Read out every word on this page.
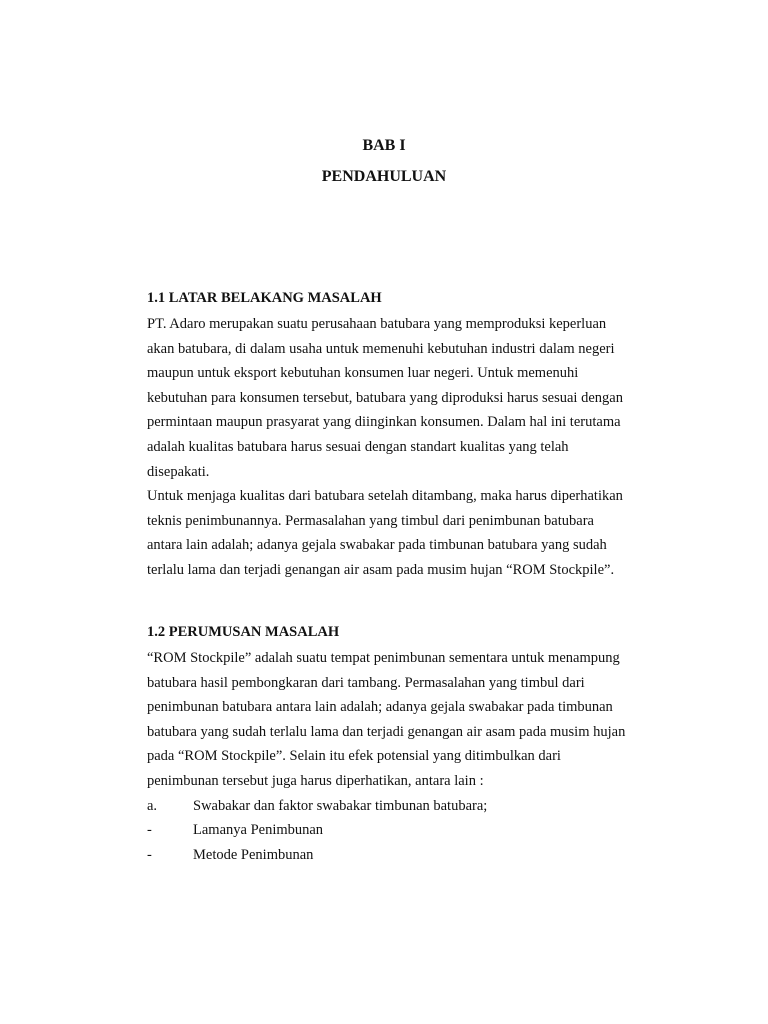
BAB I
PENDAHULUAN
1.1 LATAR BELAKANG MASALAH
PT. Adaro merupakan suatu perusahaan batubara yang memproduksi keperluan
akan batubara, di dalam usaha untuk memenuhi kebutuhan industri dalam negeri
maupun untuk eksport kebutuhan konsumen luar negeri. Untuk memenuhi
kebutuhan para konsumen tersebut, batubara yang diproduksi harus sesuai dengan
permintaan maupun prasyarat yang diinginkan konsumen. Dalam hal ini terutama
adalah kualitas batubara harus sesuai dengan standart kualitas yang telah
disepakati.
Untuk menjaga kualitas dari batubara setelah ditambang, maka harus diperhatikan
teknis penimbunannya. Permasalahan yang timbul dari penimbunan batubara
antara lain adalah; adanya gejala swabakar pada timbunan batubara yang sudah
terlalu lama dan terjadi genangan air asam pada musim hujan “ROM Stockpile”.
1.2 PERUMUSAN MASALAH
“ROM Stockpile” adalah suatu tempat penimbunan sementara untuk menampung
batubara hasil pembongkaran dari tambang. Permasalahan yang timbul dari
penimbunan batubara antara lain adalah; adanya gejala swabakar pada timbunan
batubara yang sudah terlalu lama dan terjadi genangan air asam pada musim hujan
pada “ROM Stockpile”. Selain itu efek potensial yang ditimbulkan dari
penimbunan tersebut juga harus diperhatikan, antara lain :
a. Swabakar dan faktor swabakar timbunan batubara;
-	Lamanya Penimbunan
-	Metode Penimbunan
